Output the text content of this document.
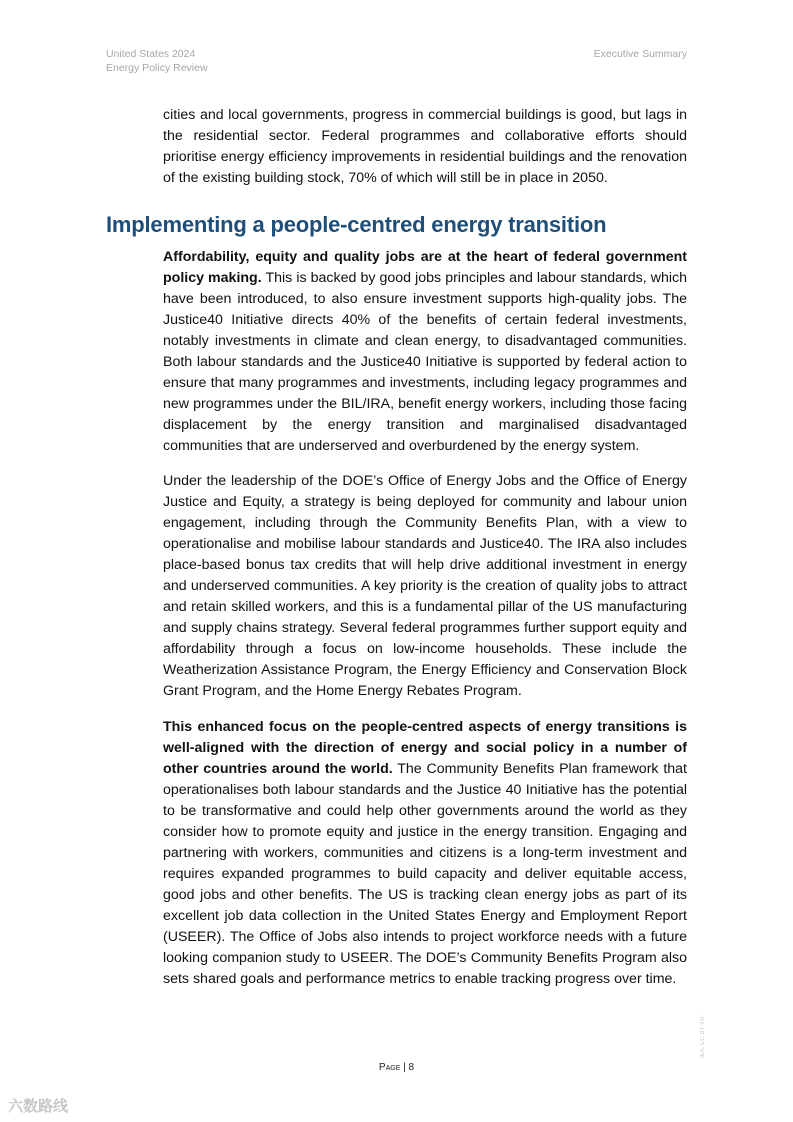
United States 2024
Energy Policy Review
Executive Summary

cities and local governments, progress in commercial buildings is good, but lags in the residential sector. Federal programmes and collaborative efforts should prioritise energy efficiency improvements in residential buildings and the renovation of the existing building stock, 70% of which will still be in place in 2050.

Implementing a people-centred energy transition

Affordability, equity and quality jobs are at the heart of federal government policy making. This is backed by good jobs principles and labour standards, which have been introduced, to also ensure investment supports high-quality jobs. The Justice40 Initiative directs 40% of the benefits of certain federal investments, notably investments in climate and clean energy, to disadvantaged communities. Both labour standards and the Justice40 Initiative is supported by federal action to ensure that many programmes and investments, including legacy programmes and new programmes under the BIL/IRA, benefit energy workers, including those facing displacement by the energy transition and marginalised disadvantaged communities that are underserved and overburdened by the energy system.

Under the leadership of the DOE’s Office of Energy Jobs and the Office of Energy Justice and Equity, a strategy is being deployed for community and labour union engagement, including through the Community Benefits Plan, with a view to operationalise and mobilise labour standards and Justice40. The IRA also includes place-based bonus tax credits that will help drive additional investment in energy and underserved communities. A key priority is the creation of quality jobs to attract and retain skilled workers, and this is a fundamental pillar of the US manufacturing and supply chains strategy. Several federal programmes further support equity and affordability through a focus on low-income households. These include the Weatherization Assistance Program, the Energy Efficiency and Conservation Block Grant Program, and the Home Energy Rebates Program.

This enhanced focus on the people-centred aspects of energy transitions is well-aligned with the direction of energy and social policy in a number of other countries around the world. The Community Benefits Plan framework that operationalises both labour standards and the Justice 40 Initiative has the potential to be transformative and could help other governments around the world as they consider how to promote equity and justice in the energy transition. Engaging and partnering with workers, communities and citizens is a long-term investment and requires expanded programmes to build capacity and deliver equitable access, good jobs and other benefits. The US is tracking clean energy jobs as part of its excellent job data collection in the United States Energy and Employment Report (USEER). The Office of Jobs also intends to project workforce needs with a future looking companion study to USEER. The DOE’s Community Benefits Program also sets shared goals and performance metrics to enable tracking progress over time.

IEA. CC BY 4.0.
Page | 8
六数路线
